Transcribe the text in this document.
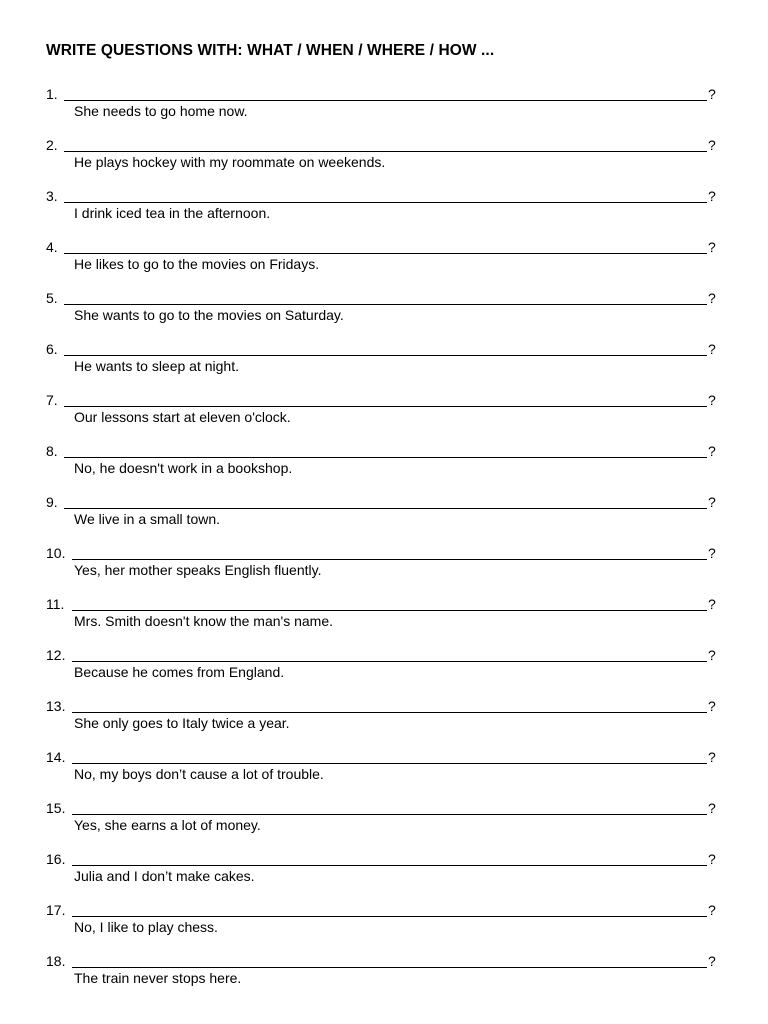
WRITE QUESTIONS WITH: WHAT / WHEN / WHERE / HOW ...
1.	?
She needs to go home now.
2.	?
He plays hockey with my roommate on weekends.
3.	?
I drink iced tea in the afternoon.
4.	?
He likes to go to the movies on Fridays.
5.	?
She wants to go to the movies on Saturday.
6.	?
He wants to sleep at night.
7.	?
Our lessons start at eleven o'clock.
8.	?
No, he doesn't work in a bookshop.
9.	?
We live in a small town.
10.	?
Yes, her mother speaks English fluently.
11.	?
Mrs. Smith doesn't know the man's name.
12.	?
Because he comes from England.
13.	?
She only goes to Italy twice a year.
14.	?
No, my boys don’t cause a lot of trouble.
15.	?
Yes, she earns a lot of money.
16.	?
Julia and I don’t make cakes.
17.	?
No, I like to play chess.
18.	?
The train never stops here.
